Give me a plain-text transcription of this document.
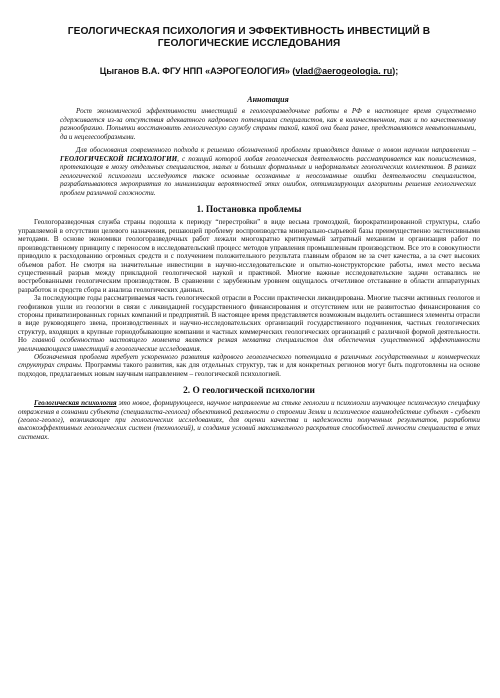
ГЕОЛОГИЧЕСКАЯ ПСИХОЛОГИЯ И ЭФФЕКТИВНОСТЬ ИНВЕСТИЦИЙ В ГЕОЛОГИЧЕСКИЕ ИССЛЕДОВАНИЯ
Цыганов В.А. ФГУ НПП «АЭРОГЕОЛОГИЯ» (vlad@aerogeologia. ru);
Аннотация

Рост экономической эффективности инвестиций в геологоразведочные работы в РФ в настоящее время существенно сдерживается из-за отсутствия адекватного кадрового потенциала специалистов, как в количественном, так и по качественному разнообразию. Попытки восстановить геологическую службу страны такой, какой она была ранее, представляются невыполнимыми, да и нецелесообразными.

Для обоснования современного подхода к решению обозначенной проблемы приводятся данные о новом научном направлении – ГЕОЛОГИЧЕСКОЙ ПСИХОЛОГИИ, с позиций которой любая геологическая деятельность рассматривается как полисистемная, протекающая в мозгу отдельных специалистов, малых и больших формальных и неформальных геологических коллективов. В рамках геологической психологии исследуются также основные осознанные и неосознанные ошибки деятельности специалистов, разрабатываются мероприятия по минимизации вероятностей этих ошибок, оптимизирующих алгоритмы решения геологических проблем различной сложности.

1. Постановка проблемы

Геологоразведочная служба страны подошла к периоду “перестройки” в виде весьма громоздкой, бюрократизированной структуры, слабо управляемой в отсутствии целевого назначения, решающей проблему воспроизводства минерально-сырьевой базы преимущественно экстенсивными методами. В основе экономики геологоразведочных работ лежали многократно критикуемый затратный механизм и организация работ по производственному принципу с переносом в исследовательский процесс методов управления промышленным производством. Все это в совокупности приводило к расходованию огромных средств и с получением положительного результата главным образом не за счет качества, а за счет высоких объемов работ. Не смотря на значительные инвестиции в научно-исследовательские и опытно-конструкторские работы, имел место весьма существенный разрыв между прикладной геологической наукой и практикой. Многие важные исследовательские задачи оставались не востребованными геологическим производством. В сравнении с зарубежным уровнем ощущалось отчетливое отставание в области аппаратурных разработок и средств сбора и анализа геологических данных.

За последующие годы рассматриваемая часть геологической отрасли в России практически ликвидирована. Многие тысячи активных геологов и геофизиков ушли из геологии в связи с ликвидацией государственного финансирования и отсутствием или не развитостью финансирования со стороны приватизированных горных компаний и предприятий. В настоящее время представляется возможным выделить оставшиеся элементы отрасли в виде руководящего звена, производственных и научно-исследовательских организаций государственного подчинения, частных геологических структур, входящих в крупные горнодобывающие компании и частных коммерческих геологических организаций с различной формой деятельности. Но главной особенностью настоящего момента является резкая нехватка специалистов для обеспечения существенной эффективности увеличивающихся инвестиций в геологические исследования.

Обозначенная проблема требует ускоренного развития кадрового геологического потенциала в различных государственных и коммерческих структурах страны. Программы такого развития, как для отдельных структур, так и для конкретных регионов могут быть подготовлены на основе подходов, предлагаемых новым научным направлением – геологической психологией.

2. О геологической психологии

Геологическая психология это новое, формирующееся, научное направление на стыке геологии и психологии изучающее психическую специфику отражения в сознании субъекта (специалиста-геолога) объективной реальности о строении Земли и психическое взаимодействие субъект - субъект (геолог-геолог), возникающее при геологических исследованиях, для оценки качества и надежности полученных результатов, разработки высокоэффективных геологических систем (технологий), и создания условий максимального раскрытия способностей личности специалиста в этих системах.
